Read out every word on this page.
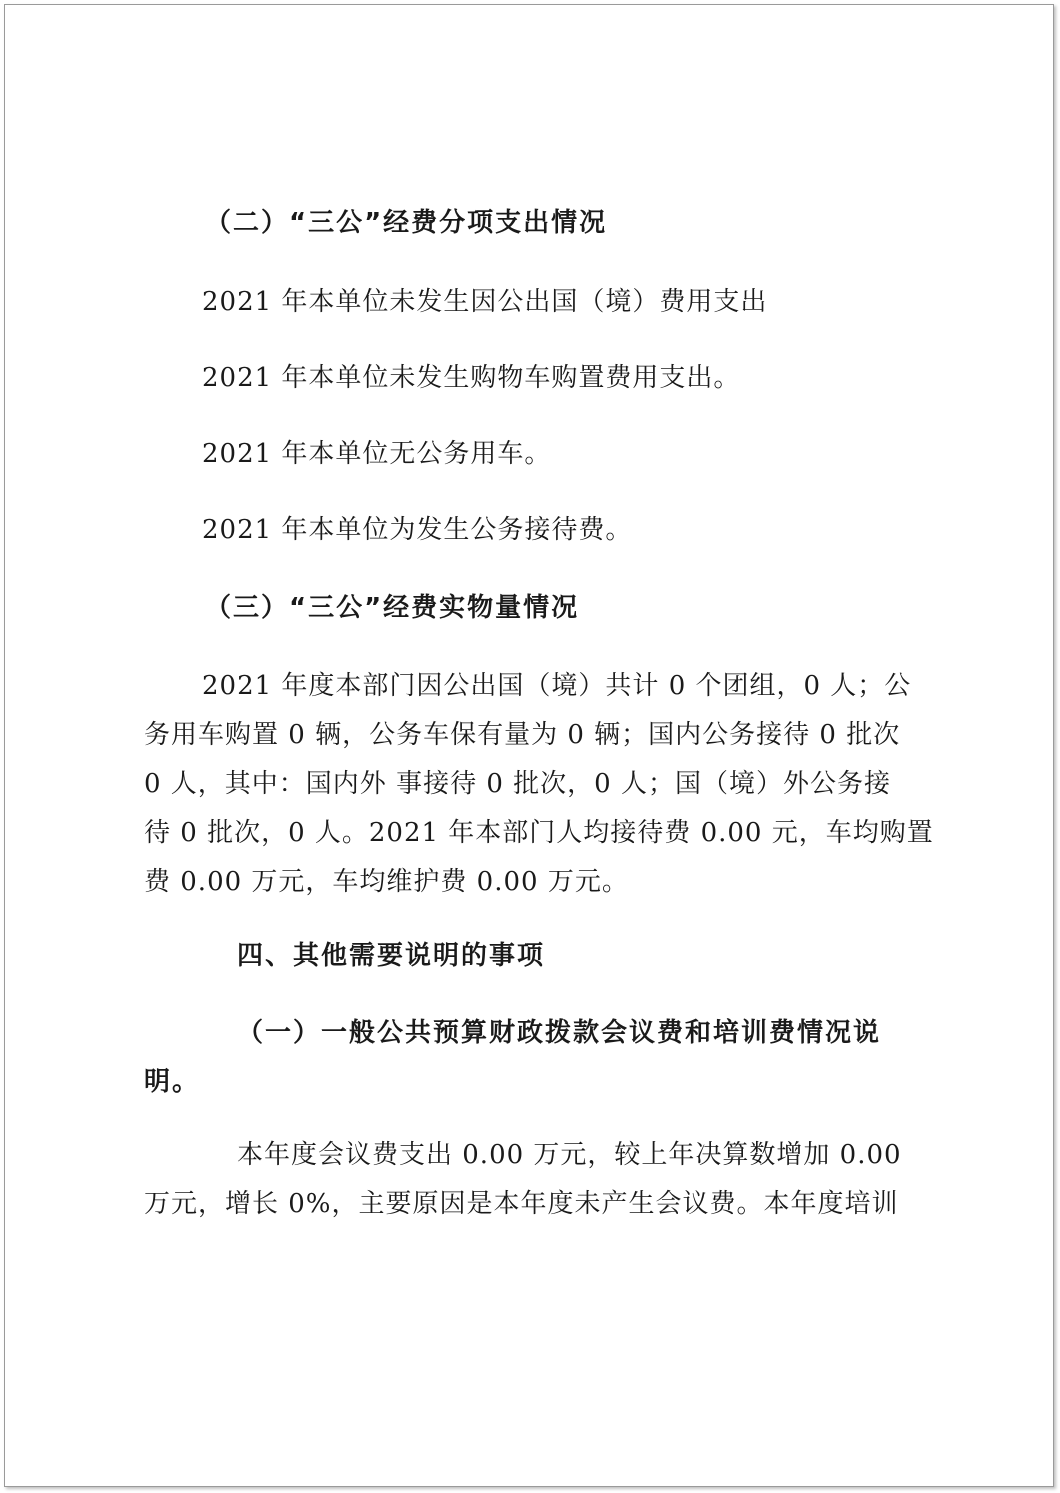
（二）“三公”经费分项支出情况
2021 年本单位未发生因公出国（境）费用支出
2021 年本单位未发生购物车购置费用支出。
2021 年本单位无公务用车。
2021 年本单位为发生公务接待费。
（三）“三公”经费实物量情况
2021 年度本部门因公出国（境）共计 0 个团组，0 人；公
务用车购置 0 辆，公务车保有量为 0 辆；国内公务接待 0 批次
0 人，其中：国内外 事接待 0 批次，0 人；国（境）外公务接
待 0 批次，0 人。2021 年本部门人均接待费 0.00 元，车均购置
费 0.00 万元，车均维护费 0.00 万元。
四、其他需要说明的事项
（一）一般公共预算财政拨款会议费和培训费情况说
明。
本年度会议费支出 0.00 万元，较上年决算数增加 0.00
万元，增长 0%，主要原因是本年度未产生会议费。本年度培训
